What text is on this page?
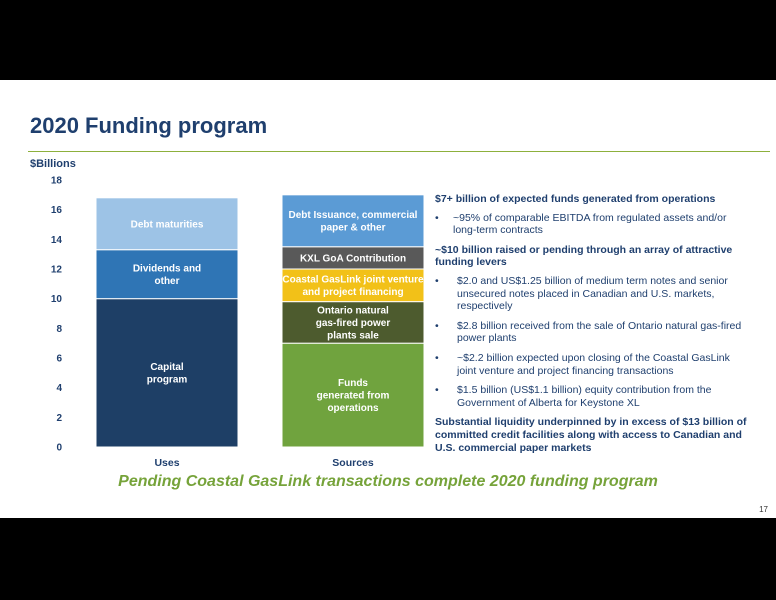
2020 Funding program
$Billions
0
2
4
6
8
10
12
14
16
18
Capital program
Dividends and other
Debt maturities
Uses
Funds generated from operations
Ontario natural gas-fired power plants sale
Coastal GasLink joint venture and project financing
KXL GoA Contribution
Debt Issuance, commercial paper & other
Sources
$7+ billion of expected funds generated from operations
• ~95% of comparable EBITDA from regulated assets and/or long-term contracts
~$10 billion raised or pending through an array of attractive funding levers
• $2.0 and US$1.25 billion of medium term notes and senior unsecured notes placed in Canadian and U.S. markets, respectively
• $2.8 billion received from the sale of Ontario natural gas-fired power plants
• ~$2.2 billion expected upon closing of the Coastal GasLink joint venture and project financing transactions
• $1.5 billion (US$1.1 billion) equity contribution from the Government of Alberta for Keystone XL
Substantial liquidity underpinned by in excess of $13 billion of committed credit facilities along with access to Canadian and U.S. commercial paper markets
Pending Coastal GasLink transactions complete 2020 funding program
17
